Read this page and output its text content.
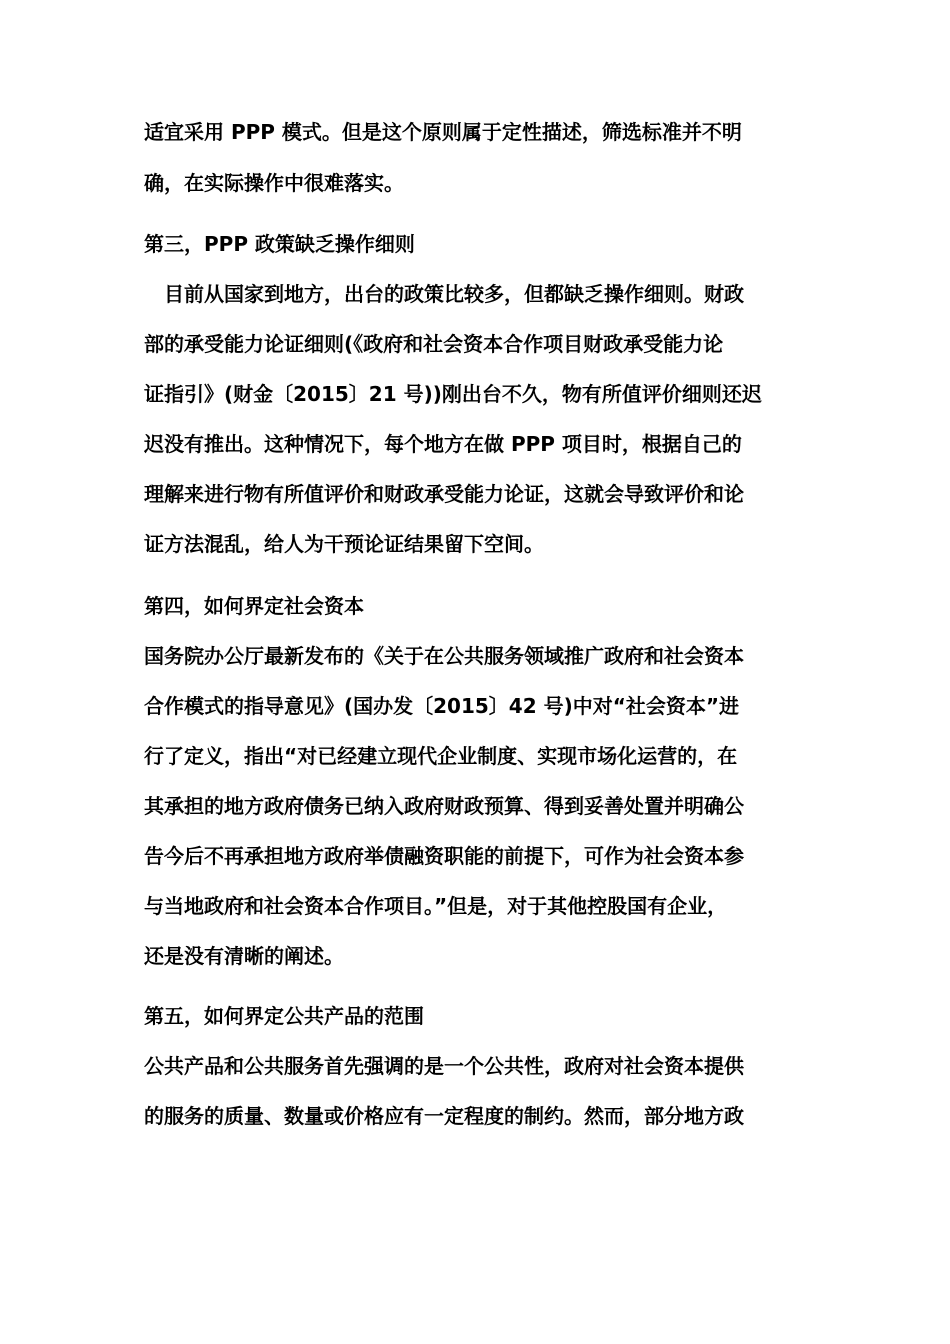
适宜采用 PPP 模式。但是这个原则属于定性描述，筛选标准并不明
确，在实际操作中很难落实。
第三，PPP 政策缺乏操作细则
目前从国家到地方，出台的政策比较多，但都缺乏操作细则。财政
部的承受能力论证细则(《政府和社会资本合作项目财政承受能力论
证指引》(财金〔2015〕21 号))刚出台不久，物有所值评价细则还迟
迟没有推出。这种情况下，每个地方在做 PPP 项目时，根据自己的
理解来进行物有所值评价和财政承受能力论证，这就会导致评价和论
证方法混乱，给人为干预论证结果留下空间。
第四，如何界定社会资本
国务院办公厅最新发布的《关于在公共服务领域推广政府和社会资本
合作模式的指导意见》(国办发〔2015〕42 号)中对“社会资本”进
行了定义，指出“对已经建立现代企业制度、实现市场化运营的，在
其承担的地方政府债务已纳入政府财政预算、得到妥善处置并明确公
告今后不再承担地方政府举债融资职能的前提下，可作为社会资本参
与当地政府和社会资本合作项目。”但是，对于其他控股国有企业，
还是没有清晰的阐述。
第五，如何界定公共产品的范围
公共产品和公共服务首先强调的是一个公共性，政府对社会资本提供
的服务的质量、数量或价格应有一定程度的制约。然而，部分地方政
